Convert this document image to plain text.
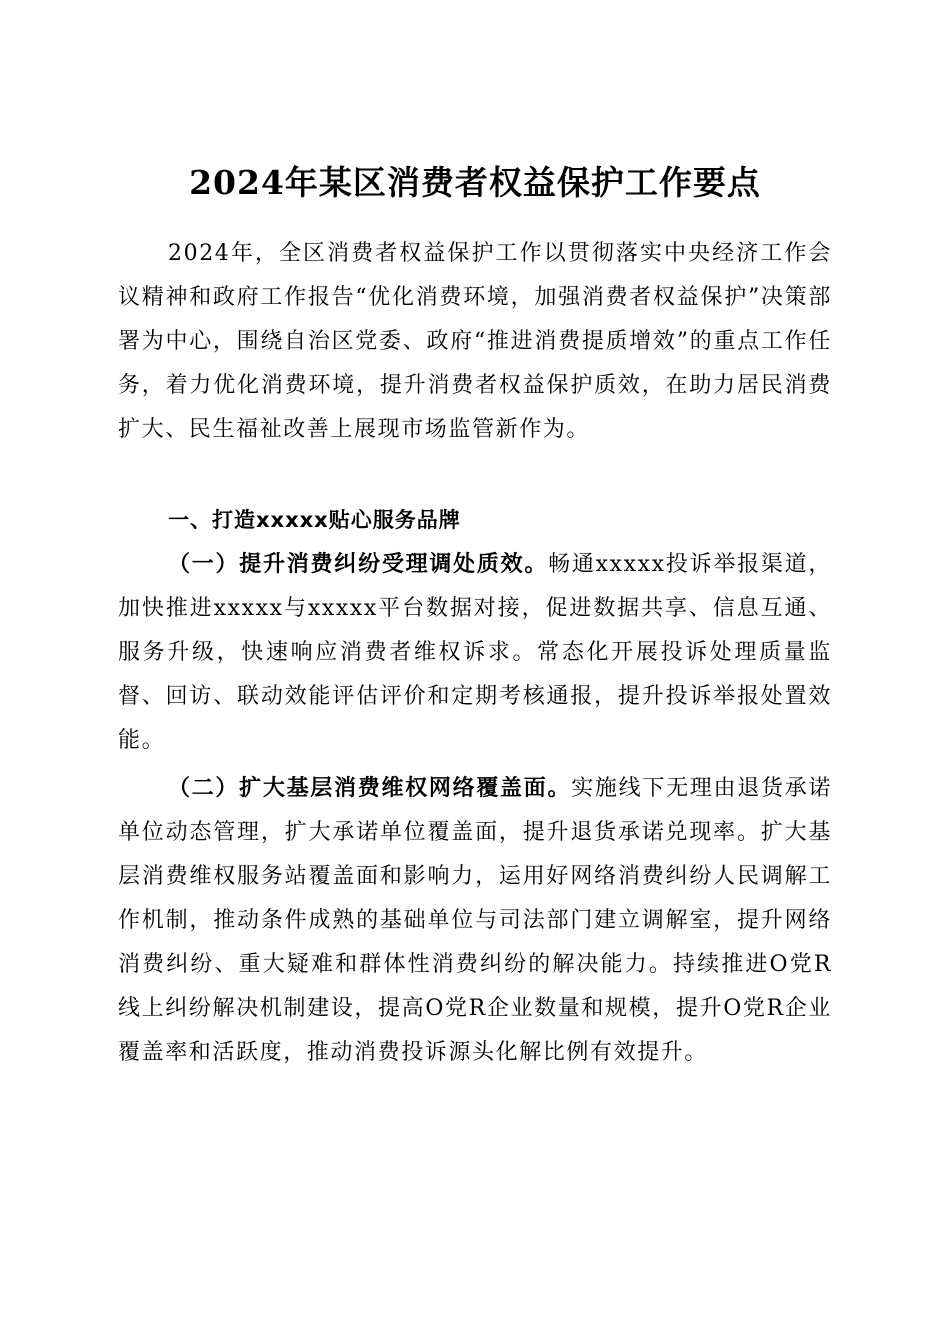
2024年某区消费者权益保护工作要点

2024年，全区消费者权益保护工作以贯彻落实中央经济工作会议精神和政府工作报告“优化消费环境，加强消费者权益保护”决策部署为中心，围绕自治区党委、政府“推进消费提质增效”的重点工作任务，着力优化消费环境，提升消费者权益保护质效，在助力居民消费扩大、民生福祉改善上展现市场监管新作为。

一、打造xxxxx贴心服务品牌

（一）提升消费纠纷受理调处质效。畅通xxxxx投诉举报渠道，加快推进xxxxx与xxxxx平台数据对接，促进数据共享、信息互通、服务升级，快速响应消费者维权诉求。常态化开展投诉处理质量监督、回访、联动效能评估评价和定期考核通报，提升投诉举报处置效能。

（二）扩大基层消费维权网络覆盖面。实施线下无理由退货承诺单位动态管理，扩大承诺单位覆盖面，提升退货承诺兑现率。扩大基层消费维权服务站覆盖面和影响力，运用好网络消费纠纷人民调解工作机制，推动条件成熟的基础单位与司法部门建立调解室，提升网络消费纠纷、重大疑难和群体性消费纠纷的解决能力。持续推进O党R线上纠纷解决机制建设，提高O党R企业数量和规模，提升O党R企业覆盖率和活跃度，推动消费投诉源头化解比例有效提升。
